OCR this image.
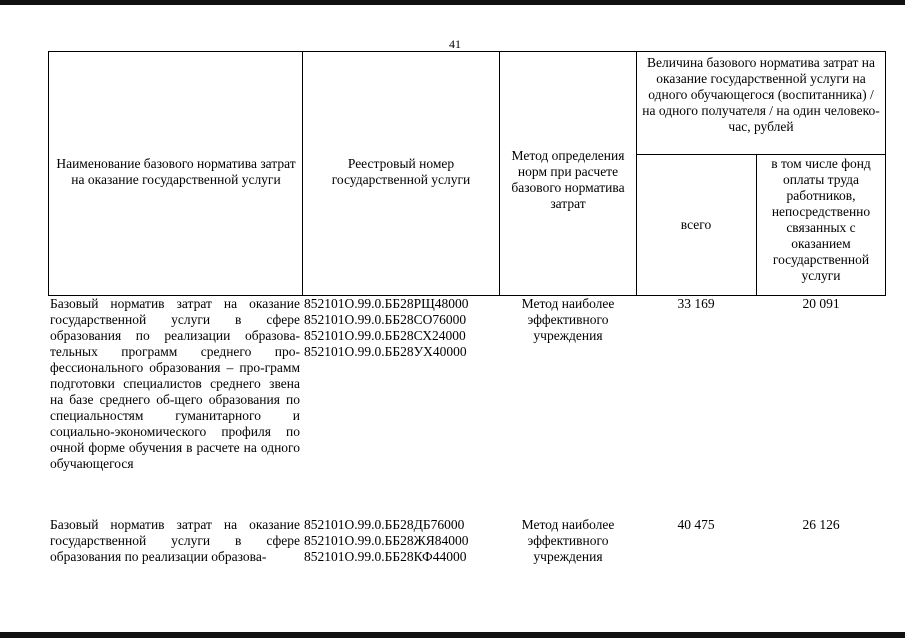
41
Наименование базового норматива затрат на оказание государственной услуги
Реестровый номер государственной услуги
Метод определения норм при расчете базового норматива затрат
Величина базового норматива затрат на оказание государственной услуги на одного обучающегося (воспитанника) / на одного получателя / на один человеко-час, рублей
всего
в том числе фонд оплаты труда работников, непосредственно связанных с оказанием государственной услуги
Базовый норматив затрат на оказание государственной услуги в сфере образования по реализации образова-тельных программ среднего про-фессионального образования – про-грамм подготовки специалистов среднего звена на базе среднего об-щего образования по специальностям гуманитарного и социально-экономического профиля по очной форме обучения в расчете на одного обучающегося
852101О.99.0.ББ28РЩ48000
852101О.99.0.ББ28СО76000
852101О.99.0.ББ28СХ24000
852101О.99.0.ББ28УХ40000
Метод наиболее эффективного учреждения
33 169	20 091
Базовый норматив затрат на оказание государственной услуги в сфере образования по реализации образова-
852101О.99.0.ББ28ДБ76000
852101О.99.0.ББ28ЖЯ84000
852101О.99.0.ББ28КФ44000
Метод наиболее эффективного учреждения
40 475	26 126
